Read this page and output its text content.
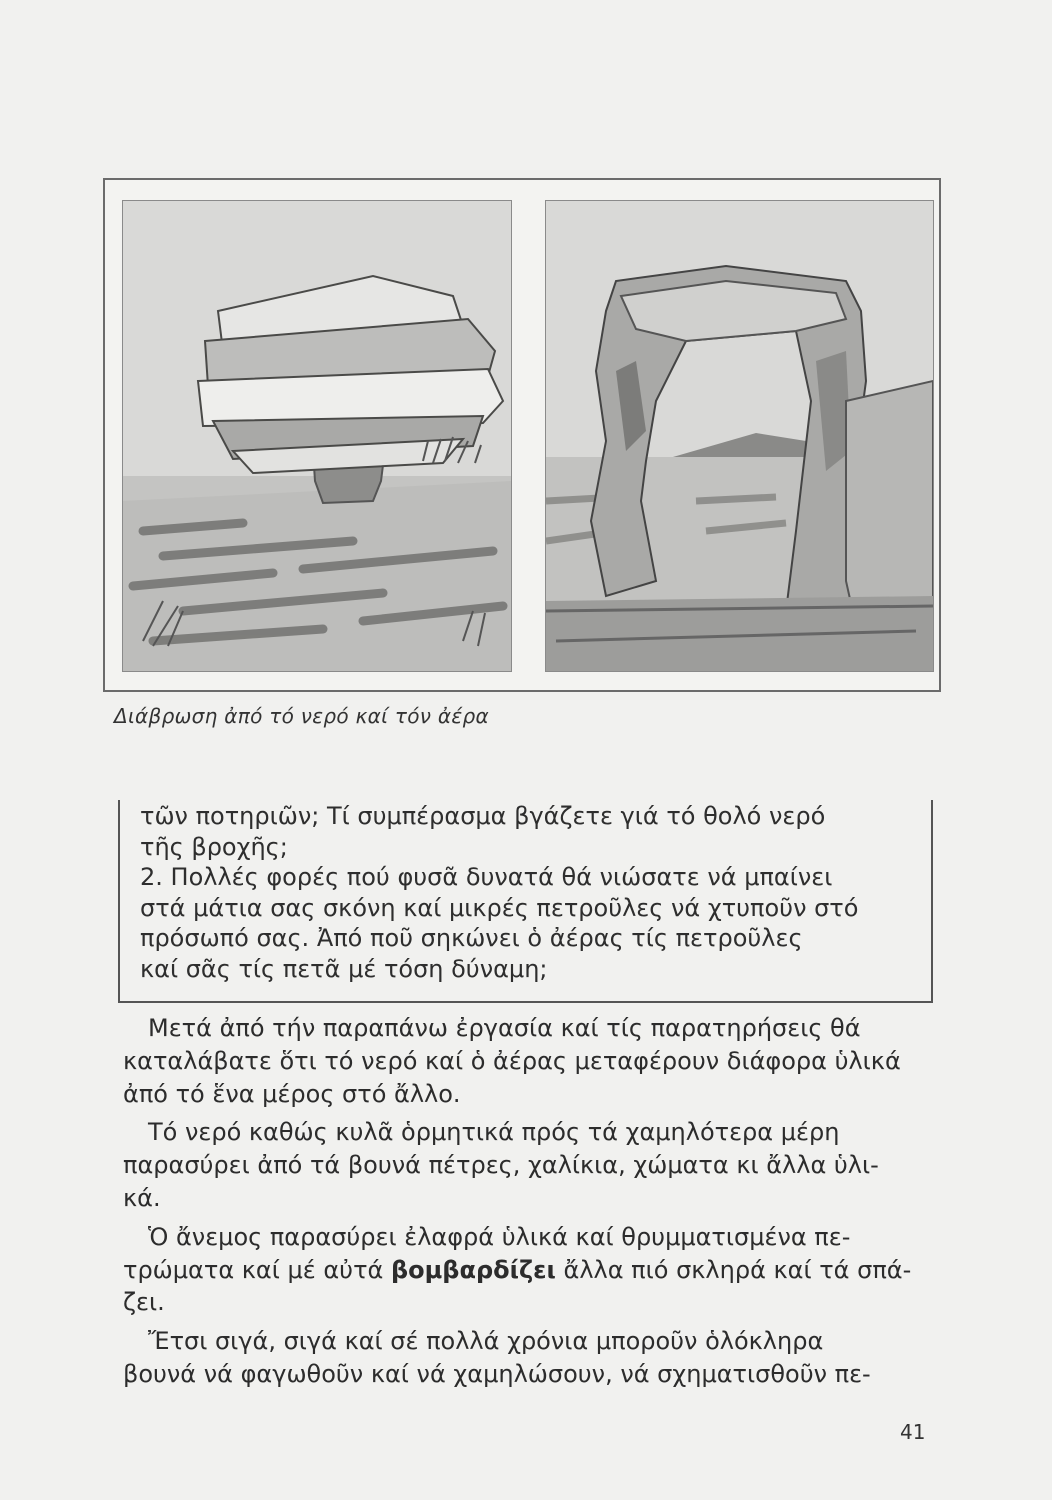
Διάβρωση ἀπό τό νερό καί τόν ἀέρα

τῶν ποτηριῶν; Τί συμπέρασμα βγάζετε γιά τό θολό νερό

τῆς βροχῆς;

2. Πολλές φορές πού φυσᾶ δυνατά θά νιώσατε νά μπαίνει

στά μάτια σας σκόνη καί μικρές πετροῦλες νά χτυποῦν στό

πρόσωπό σας. Ἀπό ποῦ σηκώνει ὁ ἀέρας τίς πετροῦλες

καί σᾶς τίς πετᾶ μέ τόση δύναμη;

Μετά ἀπό τήν παραπάνω ἐργασία καί τίς παρατηρήσεις θά
καταλάβατε ὅτι τό νερό καί ὁ ἀέρας μεταφέρουν διάφορα ὑλικά
ἀπό τό ἕνα μέρος στό ἄλλο.
Τό νερό καθώς κυλᾶ ὁρμητικά πρός τά χαμηλότερα μέρη
παρασύρει ἀπό τά βουνά πέτρες, χαλίκια, χώματα κι ἄλλα ὑλι-
κά.
Ὁ ἄνεμος παρασύρει ἐλαφρά ὑλικά καί θρυμματισμένα πε-
τρώματα καί μέ αὐτά βομβαρδίζει ἄλλα πιό σκληρά καί τά σπά-
ζει.
Ἔτσι σιγά, σιγά καί σέ πολλά χρόνια μποροῦν ὁλόκληρα
βουνά νά φαγωθοῦν καί νά χαμηλώσουν, νά σχηματισθοῦν πε-
41
